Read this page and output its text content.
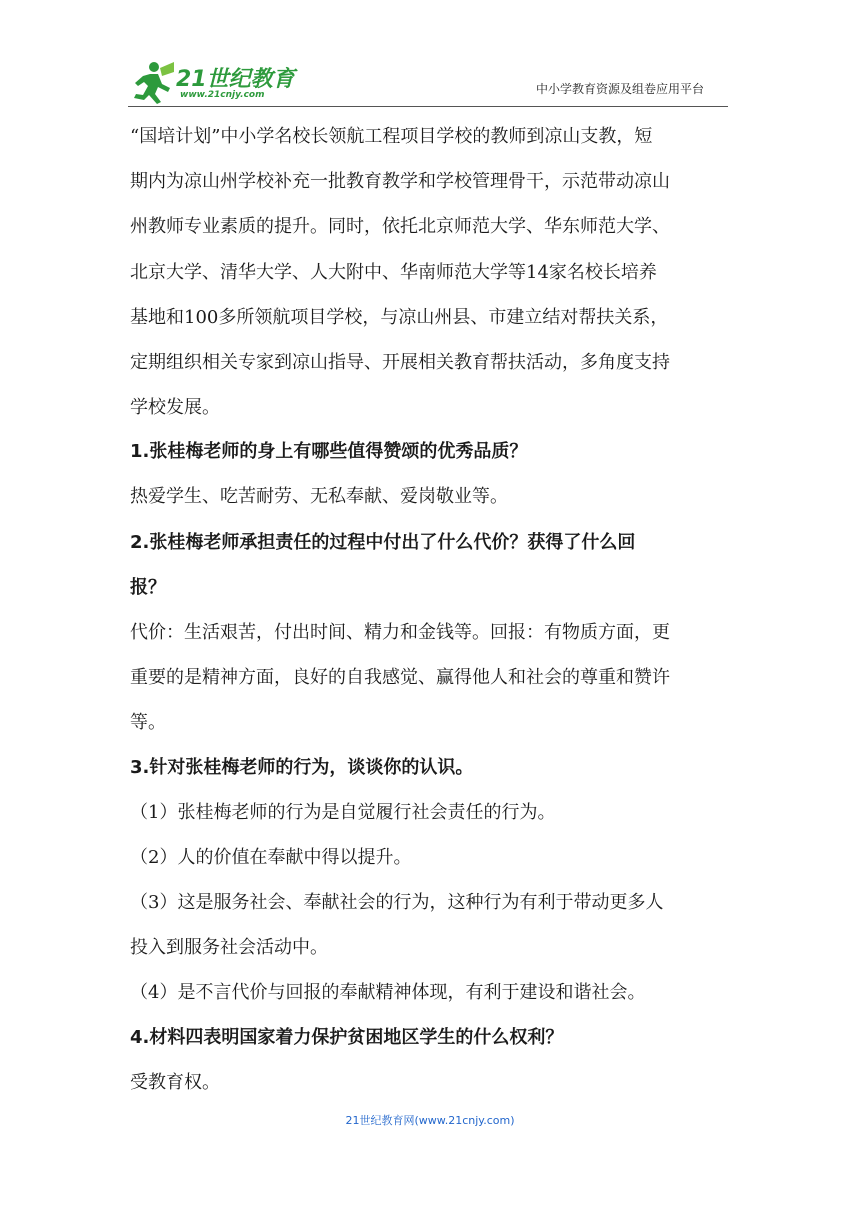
21世纪教育
www.21cnjy.com	中小学教育资源及组卷应用平台
“国培计划”中小学名校长领航工程项目学校的教师到凉山支教，短
期内为凉山州学校补充一批教育教学和学校管理骨干，示范带动凉山
州教师专业素质的提升。同时，依托北京师范大学、华东师范大学、
北京大学、清华大学、人大附中、华南师范大学等14家名校长培养
基地和100多所领航项目学校，与凉山州县、市建立结对帮扶关系，
定期组织相关专家到凉山指导、开展相关教育帮扶活动，多角度支持
学校发展。
1.张桂梅老师的身上有哪些值得赞颂的优秀品质？
热爱学生、吃苦耐劳、无私奉献、爱岗敬业等。
2.张桂梅老师承担责任的过程中付出了什么代价？获得了什么回
报？
代价：生活艰苦，付出时间、精力和金钱等。回报：有物质方面，更
重要的是精神方面，良好的自我感觉、赢得他人和社会的尊重和赞许
等。
3.针对张桂梅老师的行为，谈谈你的认识。
（1）张桂梅老师的行为是自觉履行社会责任的行为。
（2）人的价值在奉献中得以提升。
（3）这是服务社会、奉献社会的行为，这种行为有利于带动更多人
投入到服务社会活动中。
（4）是不言代价与回报的奉献精神体现，有利于建设和谐社会。
4.材料四表明国家着力保护贫困地区学生的什么权利？
受教育权。
21世纪教育网(www.21cnjy.com)
